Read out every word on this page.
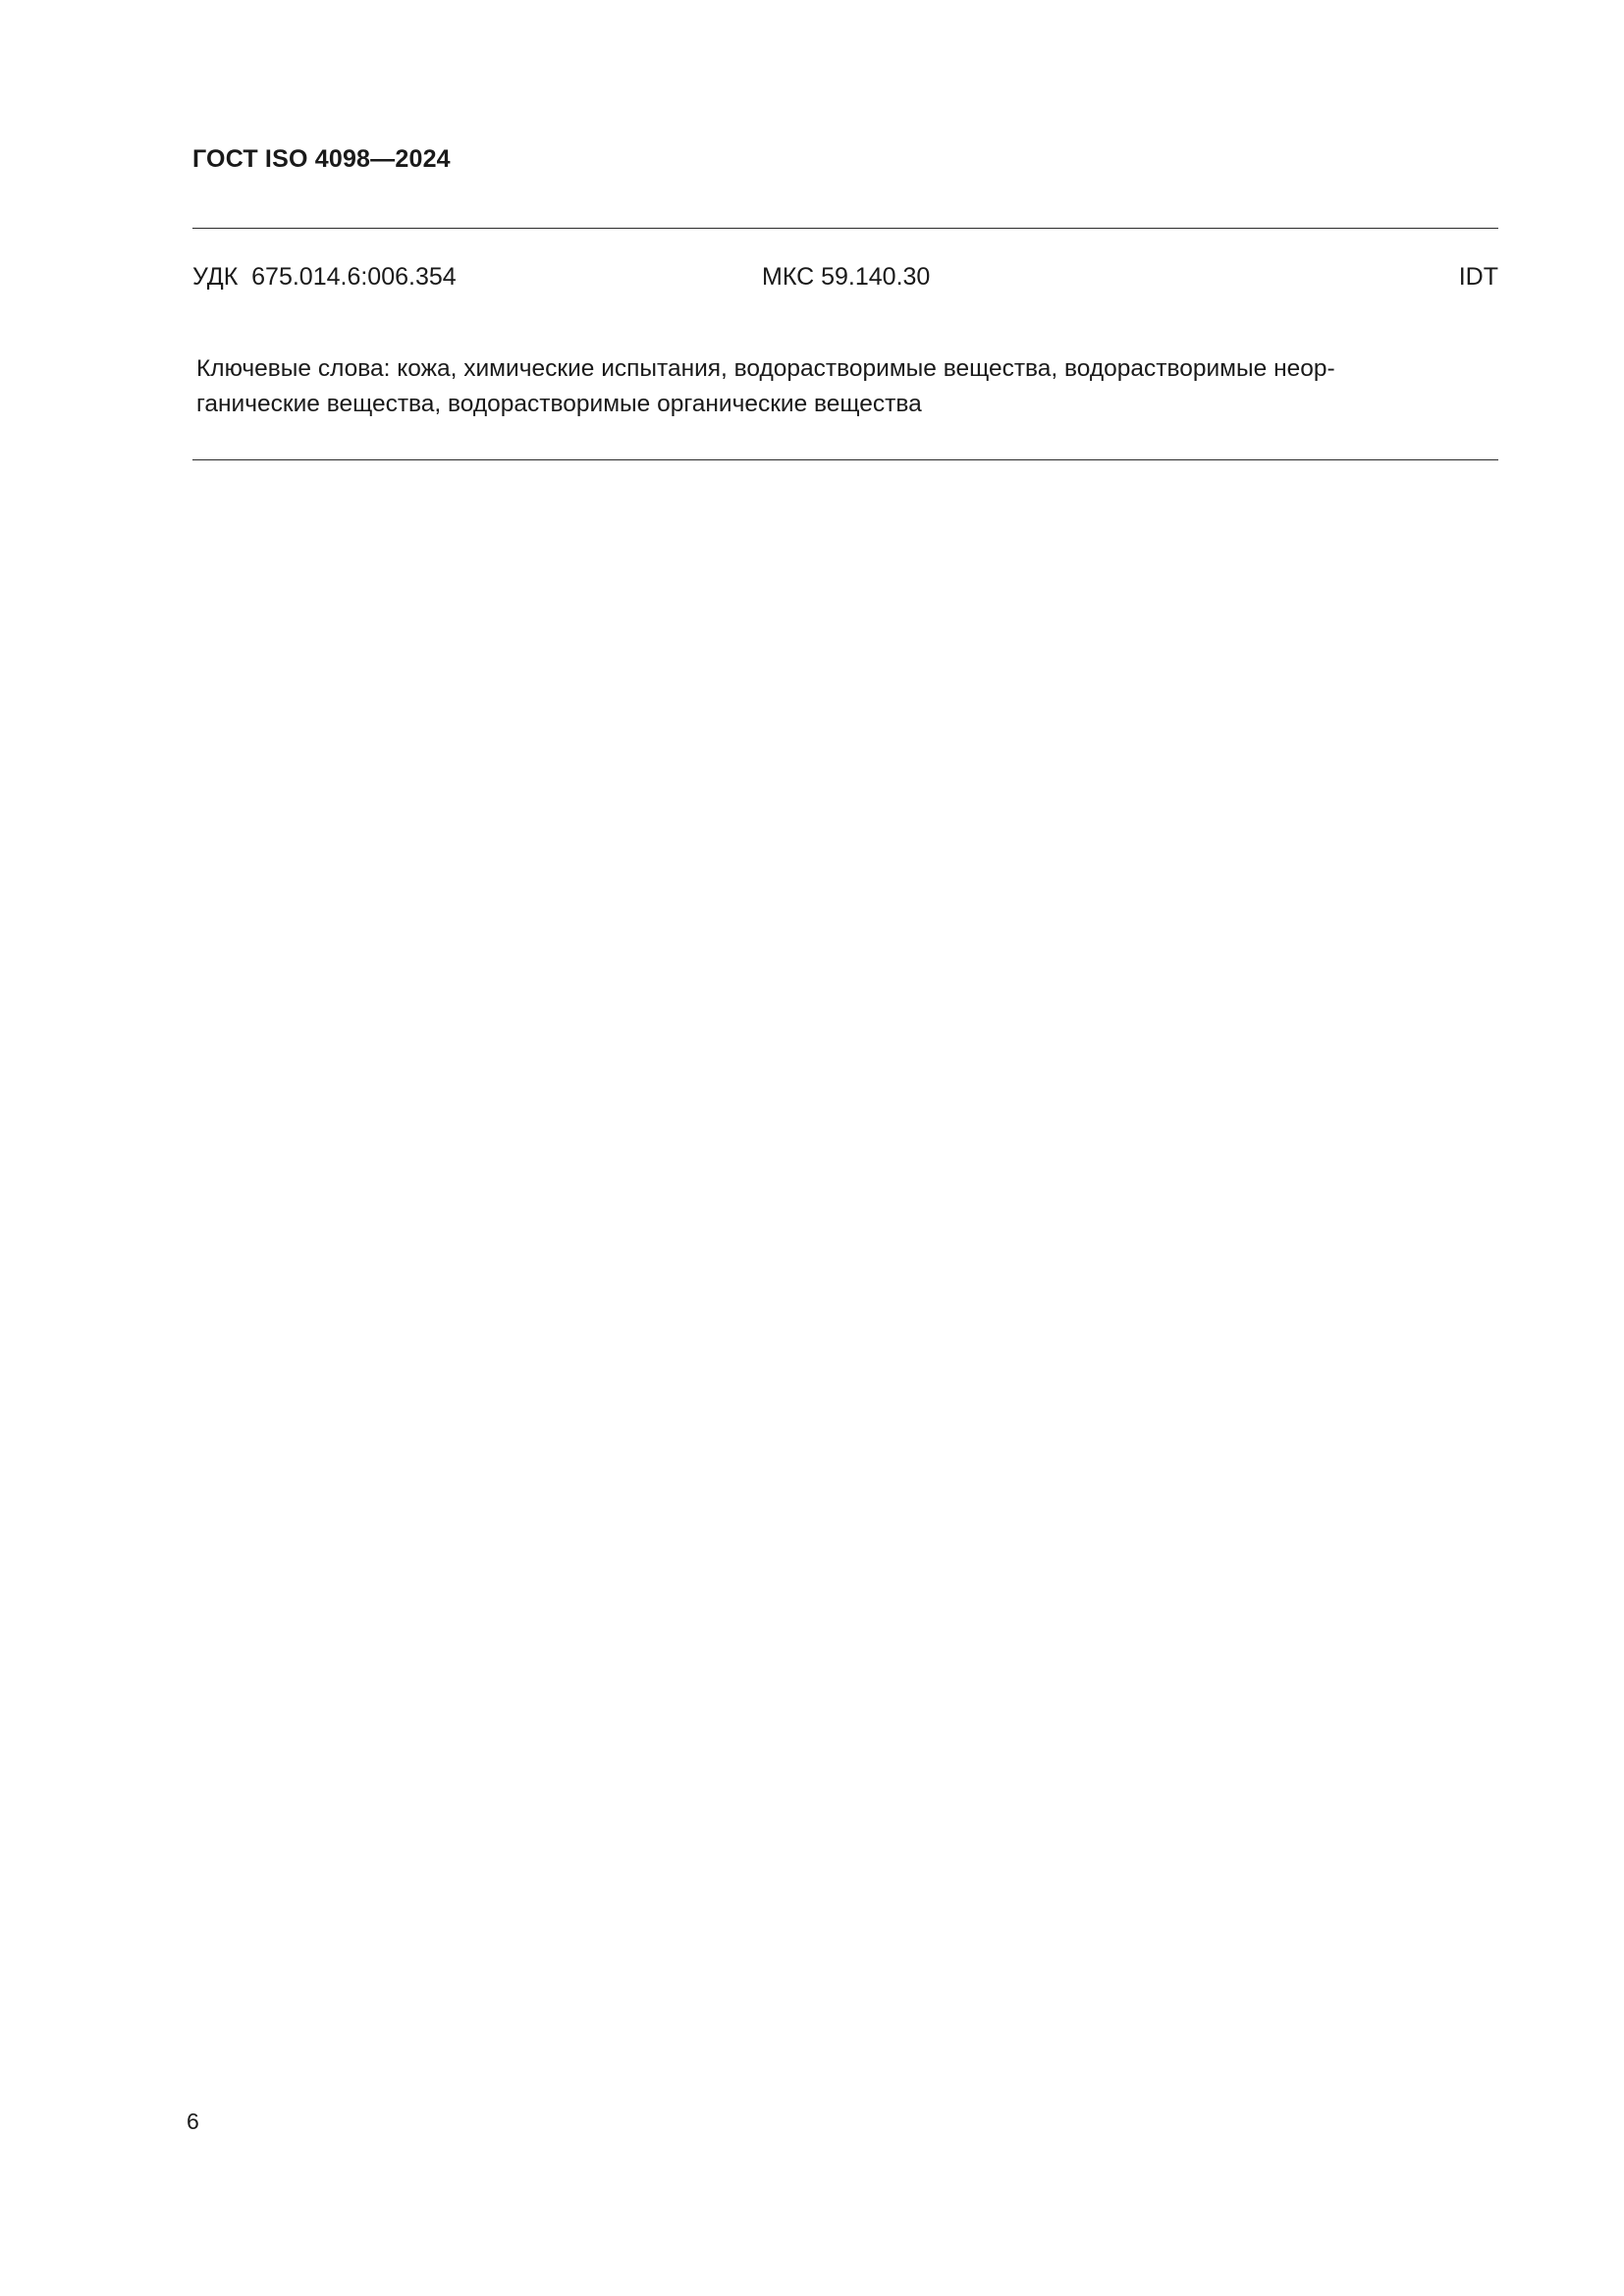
ГОСТ ISO 4098—2024
УДК  675.014.6:006.354	МКС 59.140.30	IDT
Ключевые слова: кожа, химические испытания, водорастворимые вещества, водорастворимые неор-
ганические вещества, водорастворимые органические вещества
6
